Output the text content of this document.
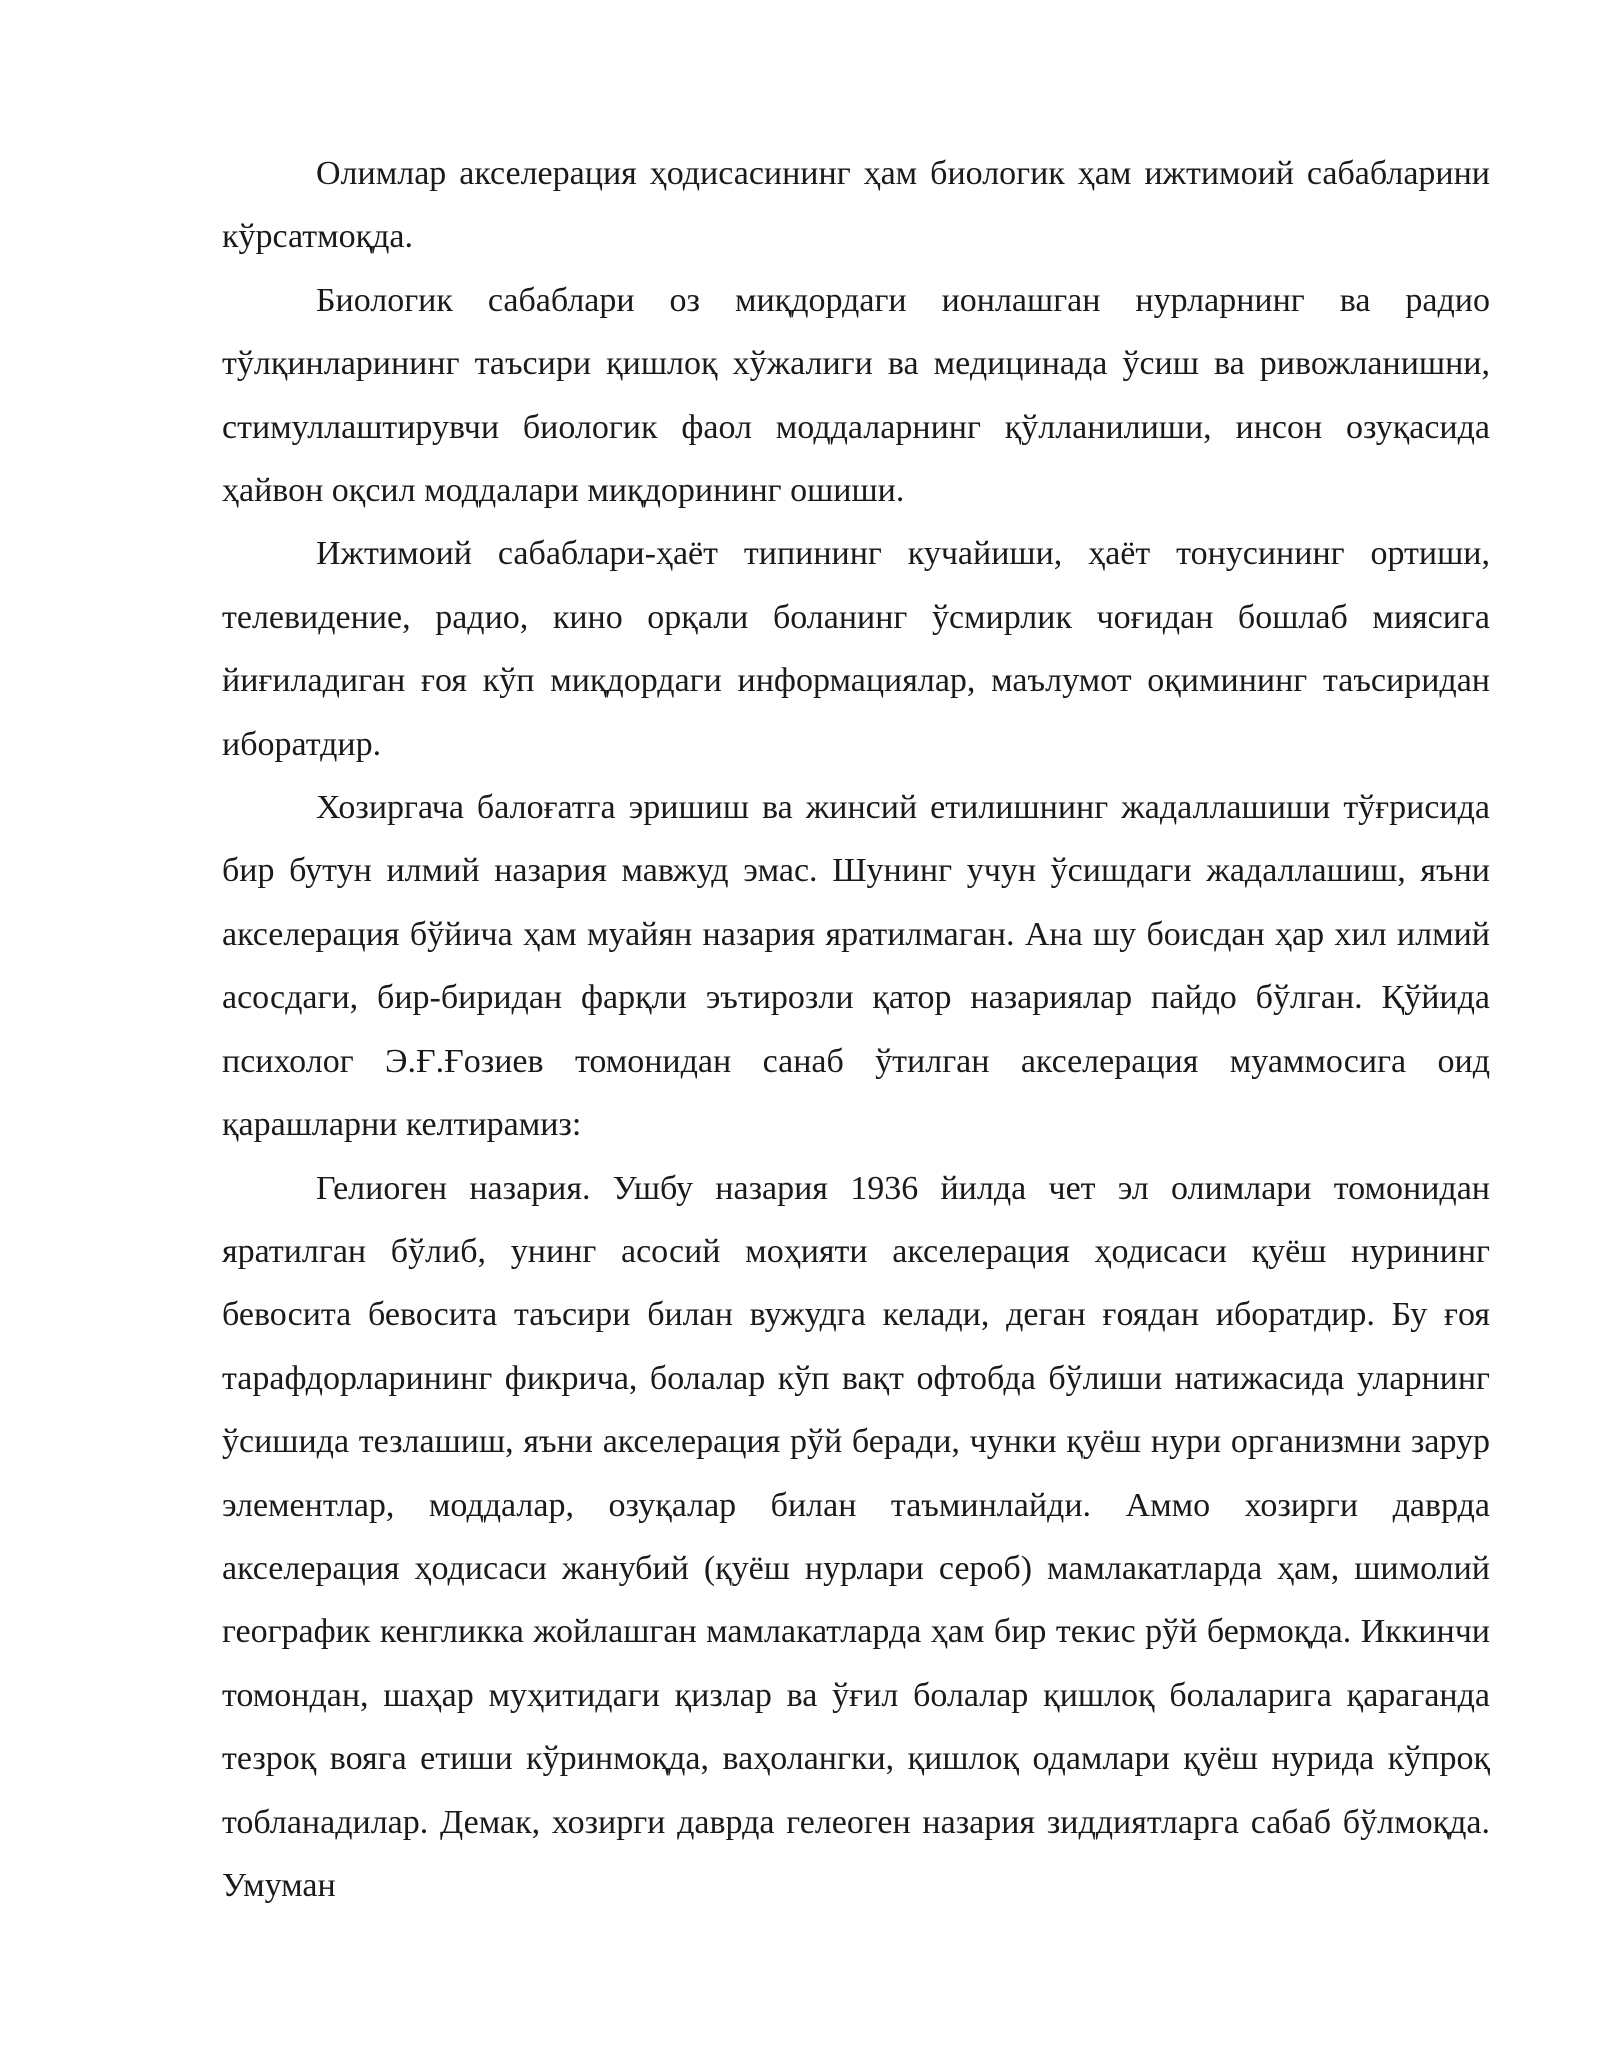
Олимлар акселерация ҳодисасининг ҳам биологик ҳам ижтимоий сабабларини кўрсатмоқда.

Биологик сабаблари оз миқдордаги ионлашган нурларнинг ва радио тўлқинларининг таъсири қишлоқ хўжалиги ва медицинада ўсиш ва ривожланишни, стимуллаштирувчи биологик фаол моддаларнинг қўлланилиши, инсон озуқасида ҳайвон оқсил моддалари миқдорининг ошиши.

Ижтимоий сабаблари-ҳаёт типининг кучайиши, ҳаёт тонусининг ортиши, телевидение, радио, кино орқали боланинг ўсмирлик чоғидан бошлаб миясига йиғиладиган ғоя кўп миқдордаги информациялар, маълумот оқимининг таъсиридан иборатдир.

Хозиргача балоғатга эришиш ва жинсий етилишнинг жадаллашиши тўғрисида бир бутун илмий назария мавжуд эмас. Шунинг учун ўсишдаги жадаллашиш, яъни акселерация бўйича ҳам муайян назария яратилмаган. Ана шу боисдан ҳар хил илмий асосдаги, бир-биридан фарқли эътирозли қатор назариялар пайдо бўлган. Қўйида психолог Э.Ғ.Ғозиев томонидан санаб ўтилган акселерация муаммосига оид қарашларни келтирамиз:

Гелиоген назария. Ушбу назария 1936 йилда чет эл олимлари томонидан яратилган бўлиб, унинг асосий моҳияти акселерация ҳодисаси қуёш нурининг бевосита бевосита таъсири билан вужудга келади, деган ғоядан иборатдир. Бу ғоя тарафдорларининг фикрича, болалар кўп вақт офтобда бўлиши натижасида уларнинг ўсишида тезлашиш, яъни акселерация рўй беради, чунки қуёш нури организмни зарур элементлар, моддалар, озуқалар билан таъминлайди. Аммо хозирги даврда акселерация ҳодисаси жанубий (қуёш нурлари сероб) мамлакатларда ҳам, шимолий географик кенгликка жойлашган мамлакатларда ҳам бир текис рўй бермоқда. Иккинчи томондан, шаҳар муҳитидаги қизлар ва ўғил болалар қишлоқ болаларига қараганда тезроқ вояга етиши кўринмоқда, ваҳолангки, қишлоқ одамлари қуёш нурида кўпроқ тобланадилар. Демак, хозирги даврда гелеоген назария зиддиятларга сабаб бўлмоқда. Умуман
